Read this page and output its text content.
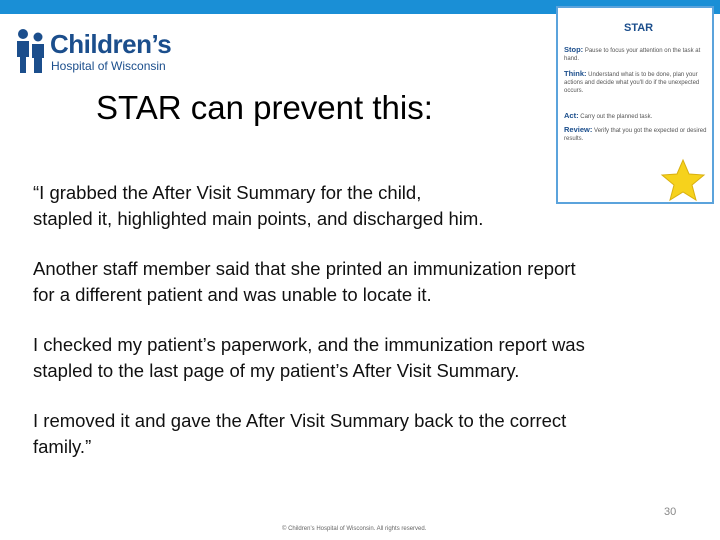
Children’s
Hospital of Wisconsin
STAR can prevent this:
STAR
Stop: Pause to focus your attention on the task at hand.
Think: Understand what is to be done, plan your actions and decide what you'll do if the unexpected occurs.
Act: Carry out the planned task.
Review: Verify that you got the expected or desired results.

“I grabbed the After Visit Summary for the child,
stapled it, highlighted main points, and discharged him.

Another staff member said that she printed an immunization report
for a different patient and was unable to locate it.

I checked my patient’s paperwork, and the immunization report was
stapled to the last page of my patient’s After Visit Summary.

I removed it and gave the After Visit Summary back to the correct
family.”

30
© Children’s Hospital of Wisconsin. All rights reserved.
